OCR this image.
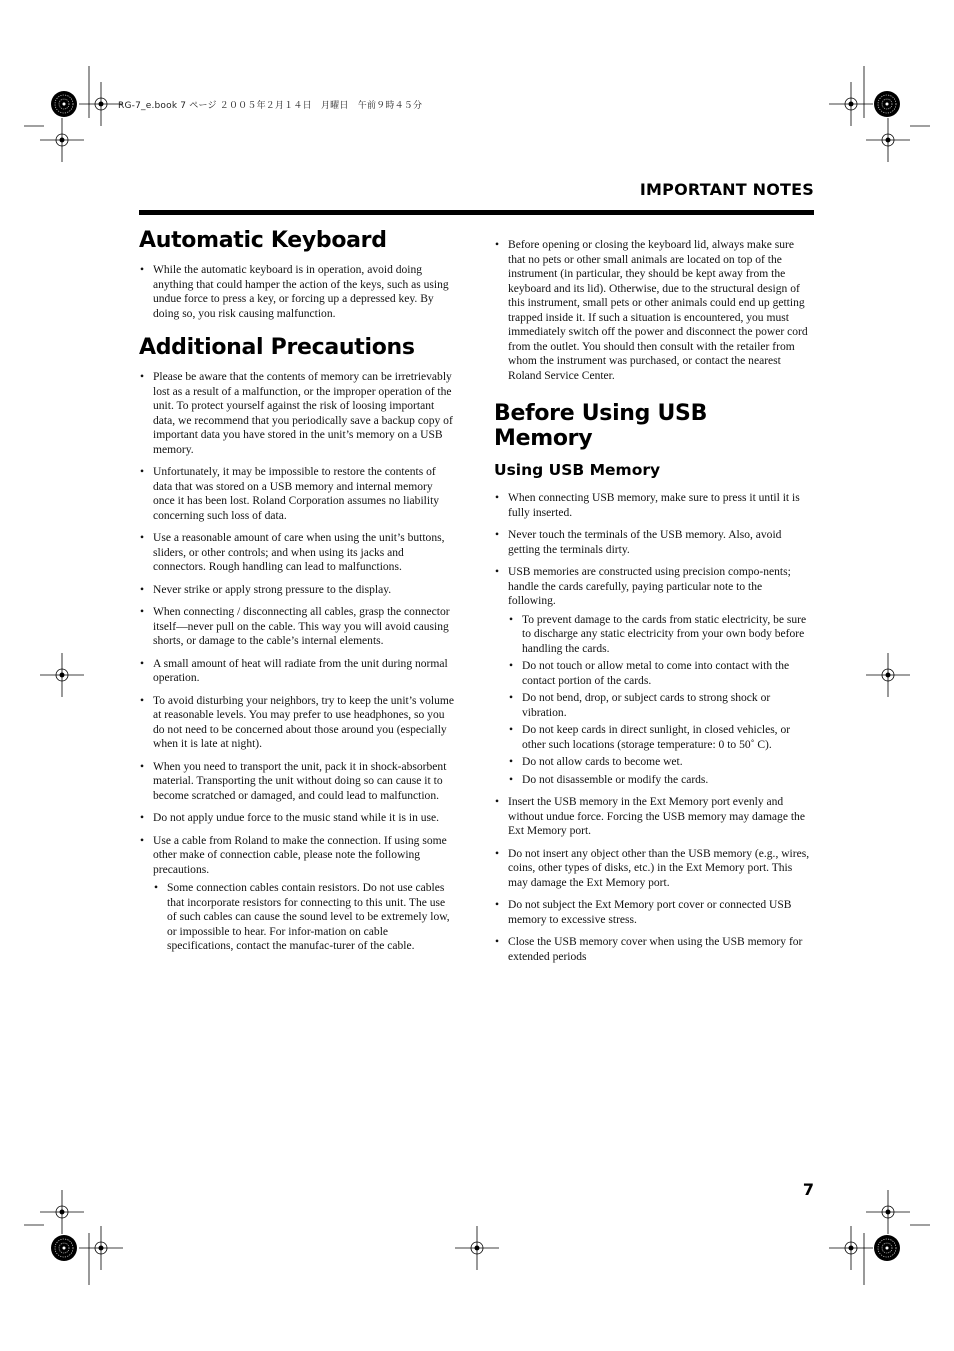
RG-7_e.book 7 ページ ２００５年２月１４日　月曜日　午前９時４５分
IMPORTANT NOTES
Automatic Keyboard
• While the automatic keyboard is in operation, avoid doing anything that could hamper the action of the keys, such as using undue force to press a key, or forcing up a depressed key. By doing so, you risk causing malfunction.
Additional Precautions
• Please be aware that the contents of memory can be irretrievably lost as a result of a malfunction, or the improper operation of the unit. To protect yourself against the risk of loosing important data, we recommend that you periodically save a backup copy of important data you have stored in the unit’s memory on a USB memory.
• Unfortunately, it may be impossible to restore the contents of data that was stored on a USB memory and internal memory once it has been lost. Roland Corporation assumes no liability concerning such loss of data.
• Use a reasonable amount of care when using the unit’s buttons, sliders, or other controls; and when using its jacks and connectors. Rough handling can lead to malfunctions.
• Never strike or apply strong pressure to the display.
• When connecting / disconnecting all cables, grasp the connector itself—never pull on the cable. This way you will avoid causing shorts, or damage to the cable’s internal elements.
• A small amount of heat will radiate from the unit during normal operation.
• To avoid disturbing your neighbors, try to keep the unit’s volume at reasonable levels. You may prefer to use headphones, so you do not need to be concerned about those around you (especially when it is late at night).
• When you need to transport the unit, pack it in shock-absorbent material. Transporting the unit without doing so can cause it to become scratched or damaged, and could lead to malfunction.
• Do not apply undue force to the music stand while it is in use.
• Use a cable from Roland to make the connection. If using some other make of connection cable, please note the following precautions.
• Some connection cables contain resistors. Do not use cables that incorporate resistors for connecting to this unit. The use of such cables can cause the sound level to be extremely low, or impossible to hear. For infor-mation on cable specifications, contact the manufac-turer of the cable.
• Before opening or closing the keyboard lid, always make sure that no pets or other small animals are located on top of the instrument (in particular, they should be kept away from the keyboard and its lid). Otherwise, due to the structural design of this instrument, small pets or other animals could end up getting trapped inside it. If such a situation is encountered, you must immediately switch off the power and disconnect the power cord from the outlet. You should then consult with the retailer from whom the instrument was purchased, or contact the nearest Roland Service Center.
Before Using USB Memory
Using USB Memory
• When connecting USB memory, make sure to press it until it is fully inserted.
• Never touch the terminals of the USB memory. Also, avoid getting the terminals dirty.
• USB memories are constructed using precision compo-nents; handle the cards carefully, paying particular note to the following.
• To prevent damage to the cards from static electricity, be sure to discharge any static electricity from your own body before handling the cards.
• Do not touch or allow metal to come into contact with the contact portion of the cards.
• Do not bend, drop, or subject cards to strong shock or vibration.
• Do not keep cards in direct sunlight, in closed vehicles, or other such locations (storage temperature: 0 to 50˚ C).
• Do not allow cards to become wet.
• Do not disassemble or modify the cards.
• Insert the USB memory in the Ext Memory port evenly and without undue force. Forcing the USB memory may damage the Ext Memory port.
• Do not insert any object other than the USB memory (e.g., wires, coins, other types of disks, etc.) in the Ext Memory port. This may damage the Ext Memory port.
• Do not subject the Ext Memory port cover or connected USB memory to excessive stress.
• Close the USB memory cover when using the USB memory for extended periods
7
